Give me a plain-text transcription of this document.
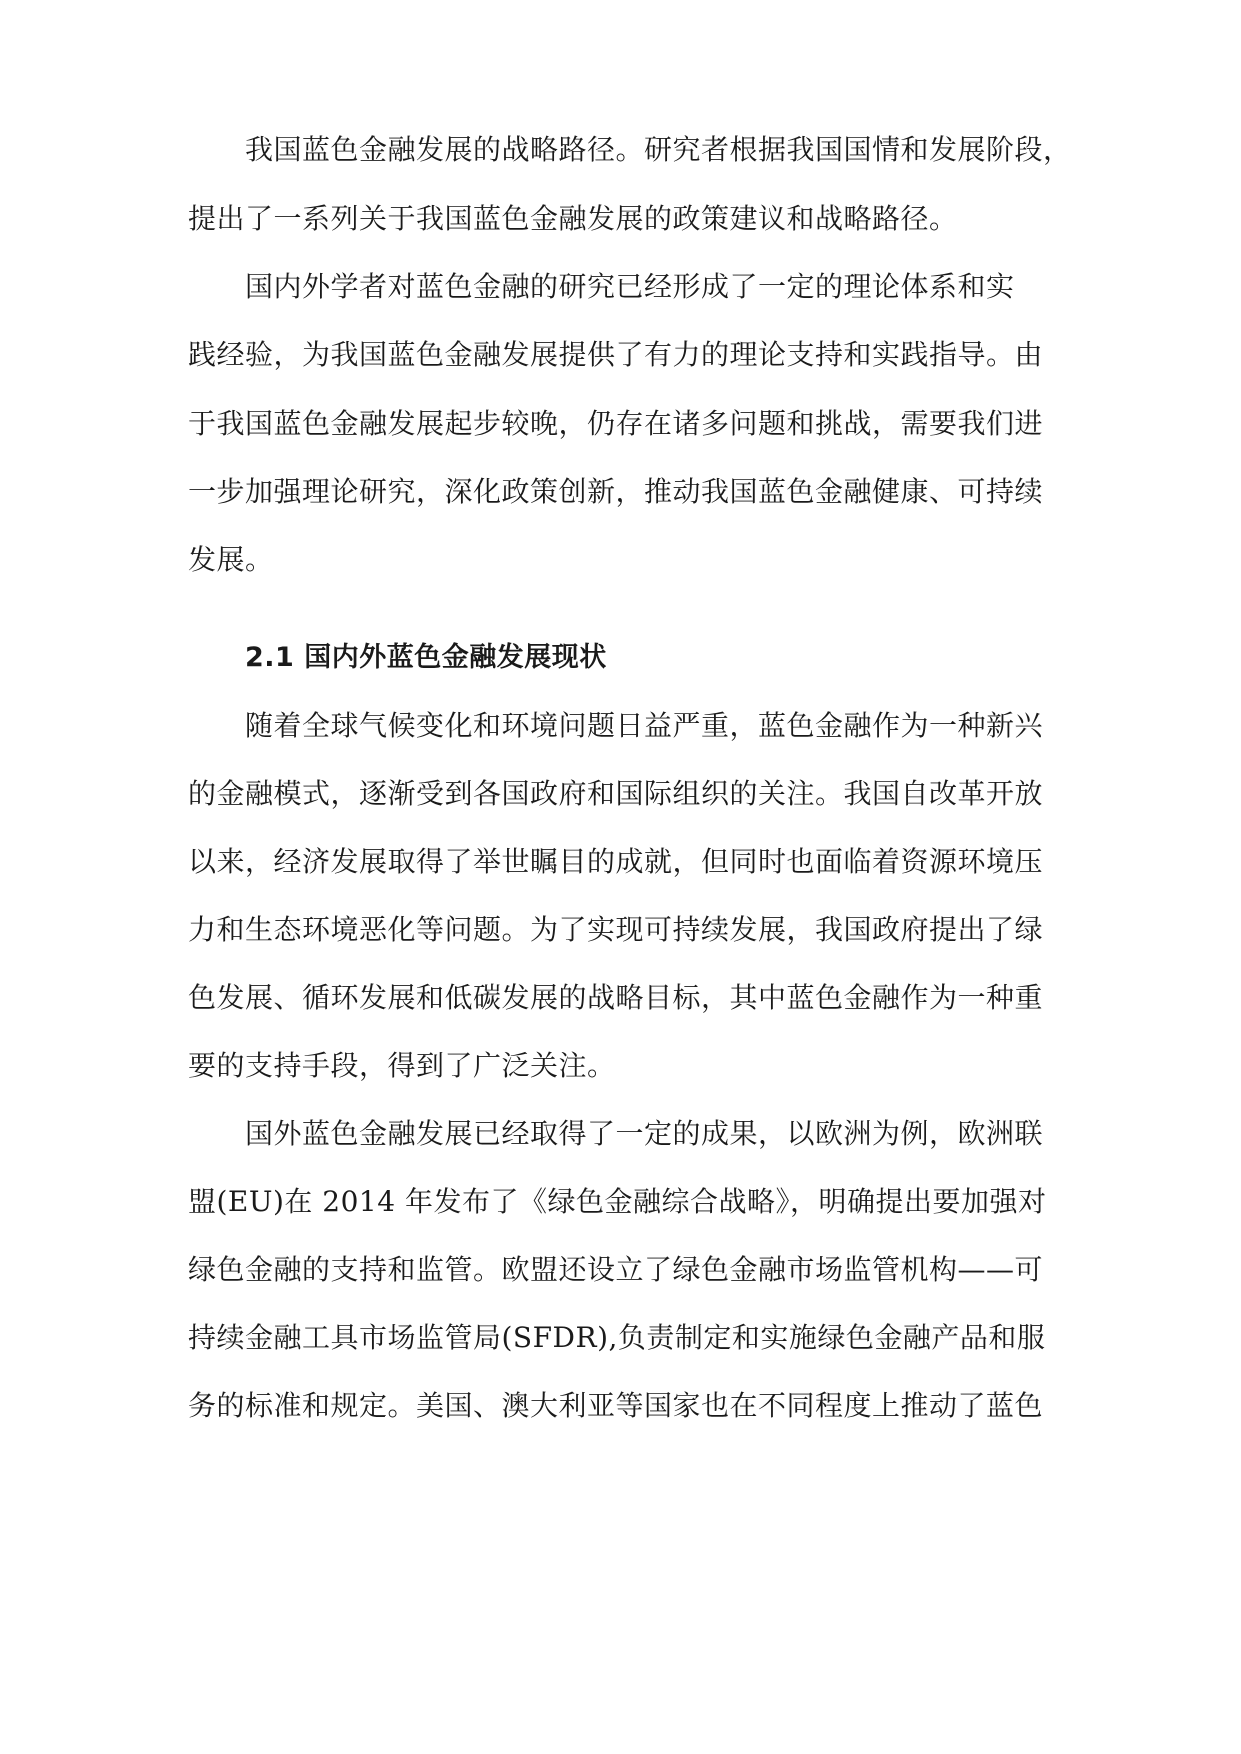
我国蓝色金融发展的战略路径。研究者根据我国国情和发展阶段，
提出了一系列关于我国蓝色金融发展的政策建议和战略路径。
国内外学者对蓝色金融的研究已经形成了一定的理论体系和实
践经验，为我国蓝色金融发展提供了有力的理论支持和实践指导。由
于我国蓝色金融发展起步较晚，仍存在诸多问题和挑战，需要我们进
一步加强理论研究，深化政策创新，推动我国蓝色金融健康、可持续
发展。
2.1 国内外蓝色金融发展现状
随着全球气候变化和环境问题日益严重，蓝色金融作为一种新兴
的金融模式，逐渐受到各国政府和国际组织的关注。我国自改革开放
以来，经济发展取得了举世瞩目的成就，但同时也面临着资源环境压
力和生态环境恶化等问题。为了实现可持续发展，我国政府提出了绿
色发展、循环发展和低碳发展的战略目标，其中蓝色金融作为一种重
要的支持手段，得到了广泛关注。
国外蓝色金融发展已经取得了一定的成果，以欧洲为例，欧洲联
盟(EU)在 2014 年发布了《绿色金融综合战略》，明确提出要加强对
绿色金融的支持和监管。欧盟还设立了绿色金融市场监管机构——可
持续金融工具市场监管局(SFDR),负责制定和实施绿色金融产品和服
务的标准和规定。美国、澳大利亚等国家也在不同程度上推动了蓝色
